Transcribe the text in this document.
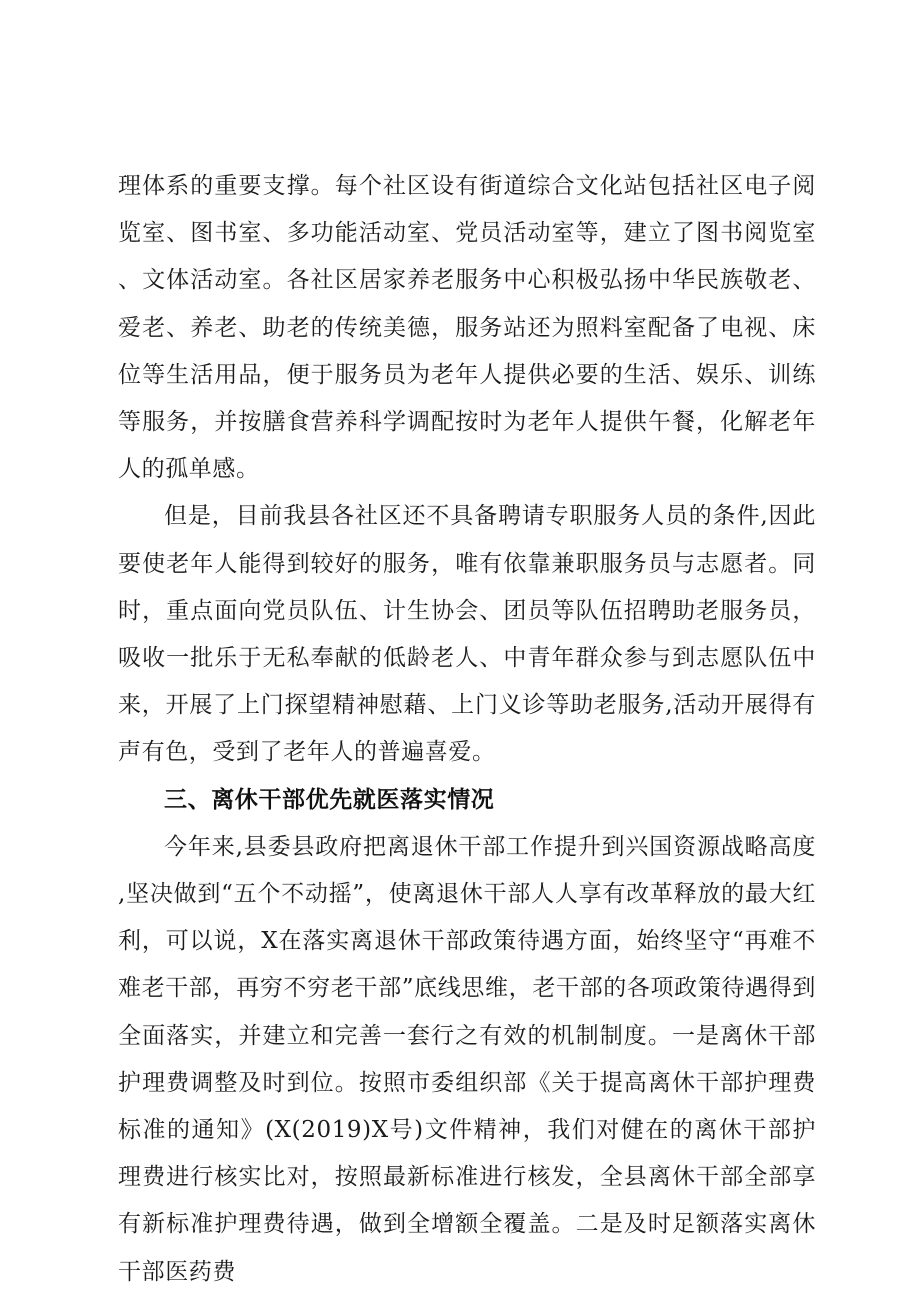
理体系的重要支撑。每个社区设有街道综合文化站包括社区电子阅览室、图书室、多功能活动室、党员活动室等，建立了图书阅览室、文体活动室。各社区居家养老服务中心积极弘扬中华民族敬老、爱老、养老、助老的传统美德，服务站还为照料室配备了电视、床位等生活用品，便于服务员为老年人提供必要的生活、娱乐、训练等服务，并按膳食营养科学调配按时为老年人提供午餐，化解老年人的孤单感。

但是，目前我县各社区还不具备聘请专职服务人员的条件,因此要使老年人能得到较好的服务，唯有依靠兼职服务员与志愿者。同时，重点面向党员队伍、计生协会、团员等队伍招聘助老服务员，吸收一批乐于无私奉献的低龄老人、中青年群众参与到志愿队伍中来，开展了上门探望精神慰藉、上门义诊等助老服务,活动开展得有声有色，受到了老年人的普遍喜爱。

三、离休干部优先就医落实情况

今年来,县委县政府把离退休干部工作提升到兴国资源战略高度,坚决做到“五个不动摇”，使离退休干部人人享有改革释放的最大红利，可以说，X在落实离退休干部政策待遇方面，始终坚守“再难不难老干部，再穷不穷老干部”底线思维，老干部的各项政策待遇得到全面落实，并建立和完善一套行之有效的机制制度。一是离休干部护理费调整及时到位。按照市委组织部《关于提高离休干部护理费标准的通知》(X(2019)X号)文件精神，我们对健在的离休干部护理费进行核实比对，按照最新标准进行核发，全县离休干部全部享有新标准护理费待遇，做到全增额全覆盖。二是及时足额落实离休干部医药费
